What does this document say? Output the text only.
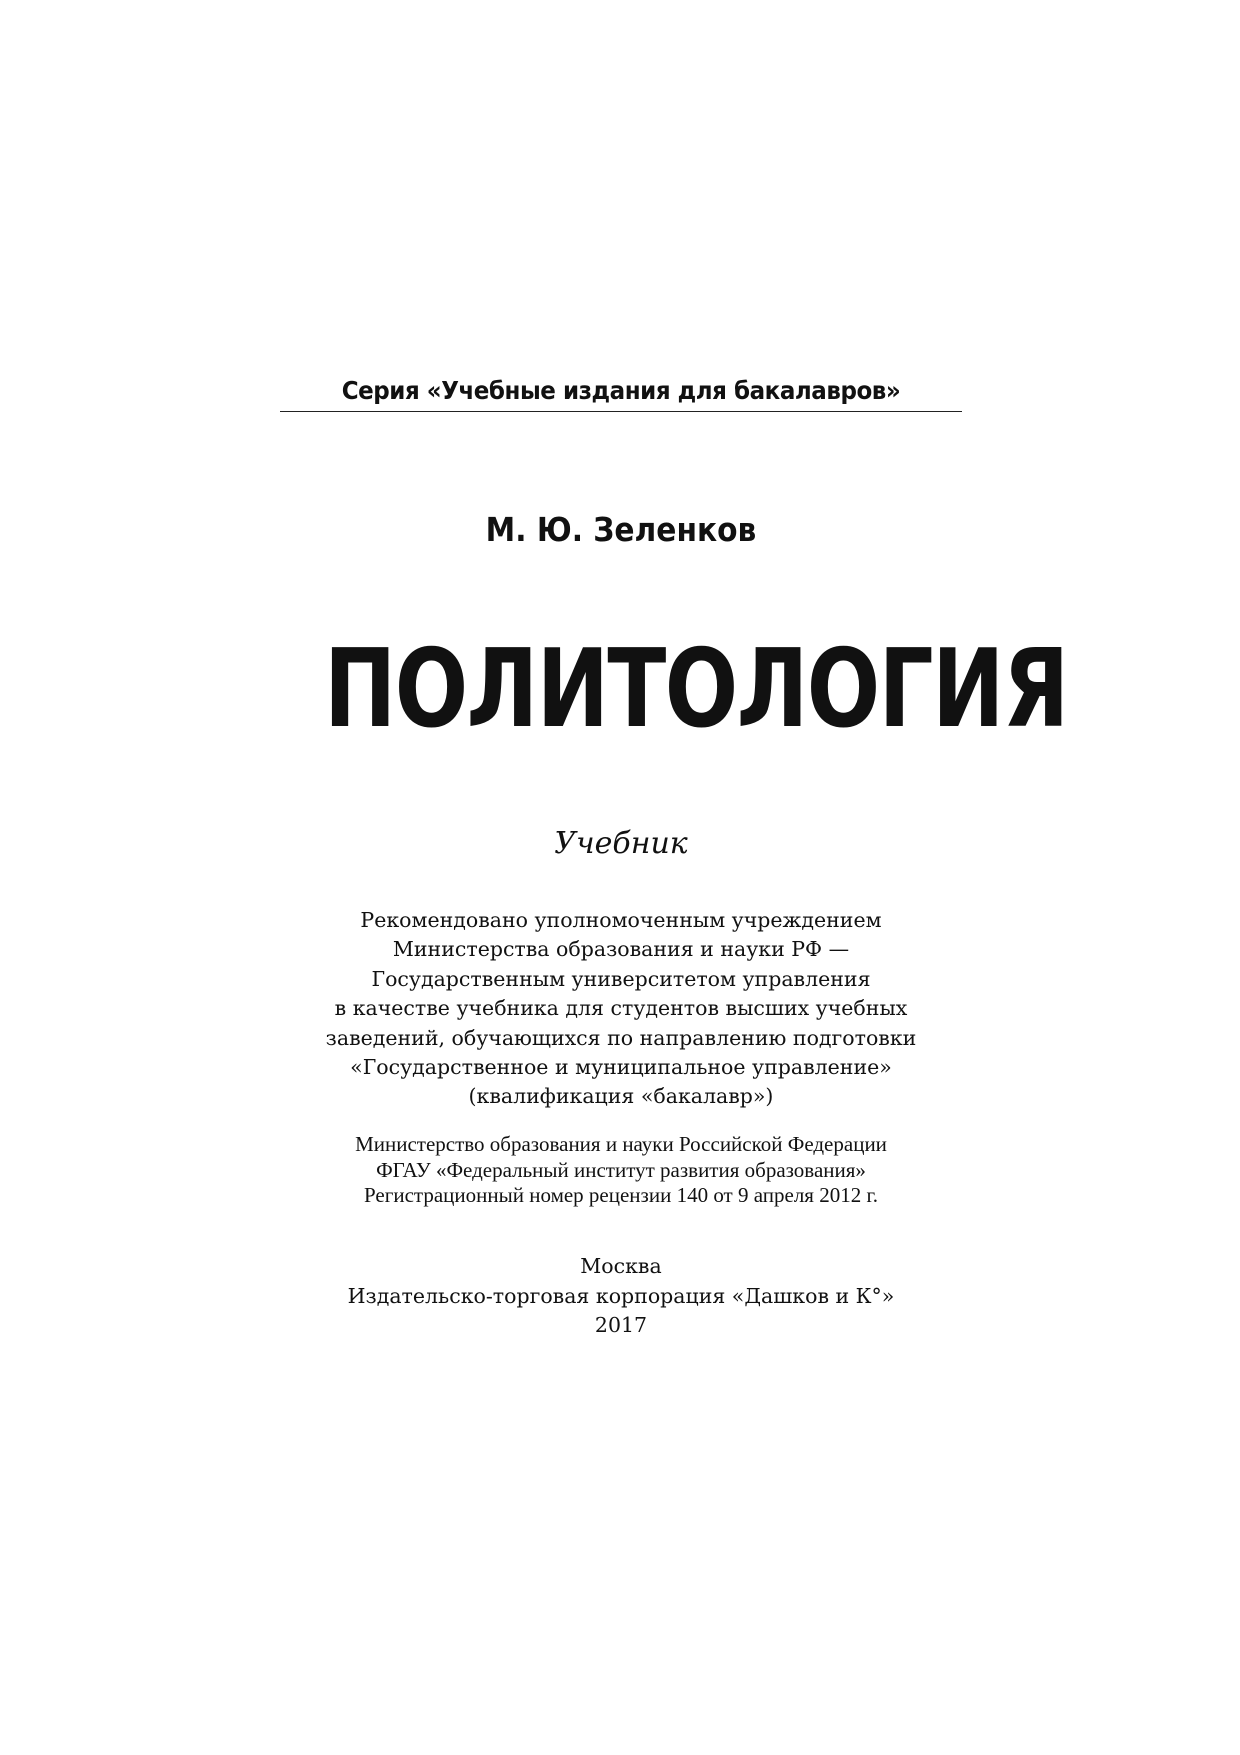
Серия «Учебные издания для бакалавров»
М. Ю. Зеленков
ПОЛИТОЛОГИЯ
Учебник
Рекомендовано уполномоченным учреждением
Министерства образования и науки РФ —
Государственным университетом управления
в качестве учебника для студентов высших учебных
заведений, обучающихся по направлению подготовки
«Государственное и муниципальное управление»
(квалификация «бакалавр»)
Министерство образования и науки Российской Федерации
ФГАУ «Федеральный институт развития образования»
Регистрационный номер рецензии 140 от 9 апреля 2012 г.
Москва
Издательско-торговая корпорация «Дашков и К°»
2017
